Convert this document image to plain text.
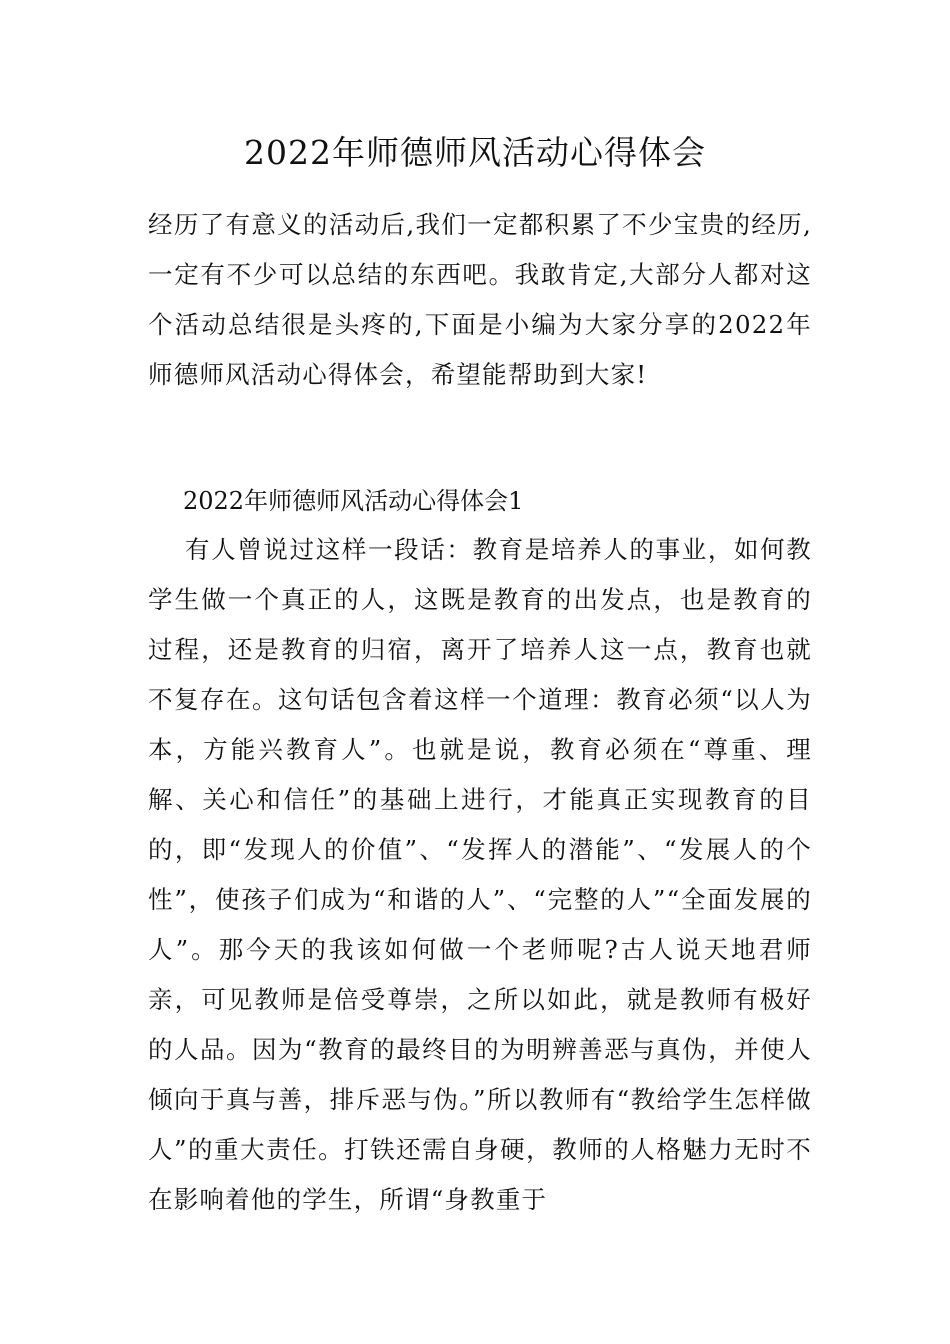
2022年师德师风活动心得体会

经历了有意义的活动后,我们一定都积累了不少宝贵的经历,一定有不少可以总结的东西吧。我敢肯定,大部分人都对这个活动总结很是头疼的,下面是小编为大家分享的2022年师德师风活动心得体会，希望能帮助到大家!

2022年师德师风活动心得体会1

有人曾说过这样一段话：教育是培养人的事业，如何教学生做一个真正的人，这既是教育的出发点，也是教育的过程，还是教育的归宿，离开了培养人这一点，教育也就不复存在。这句话包含着这样一个道理：教育必须“以人为本，方能兴教育人”。也就是说，教育必须在“尊重、理解、关心和信任”的基础上进行，才能真正实现教育的目的，即“发现人的价值”、“发挥人的潜能”、“发展人的个性”，使孩子们成为“和谐的人”、“完整的人”“全面发展的人”。那今天的我该如何做一个老师呢?古人说天地君师亲，可见教师是倍受尊崇，之所以如此，就是教师有极好的人品。因为“教育的最终目的为明辨善恶与真伪，并使人倾向于真与善，排斥恶与伪。”所以教师有“教给学生怎样做人”的重大责任。打铁还需自身硬，教师的人格魅力无时不在影响着他的学生，所谓“身教重于
